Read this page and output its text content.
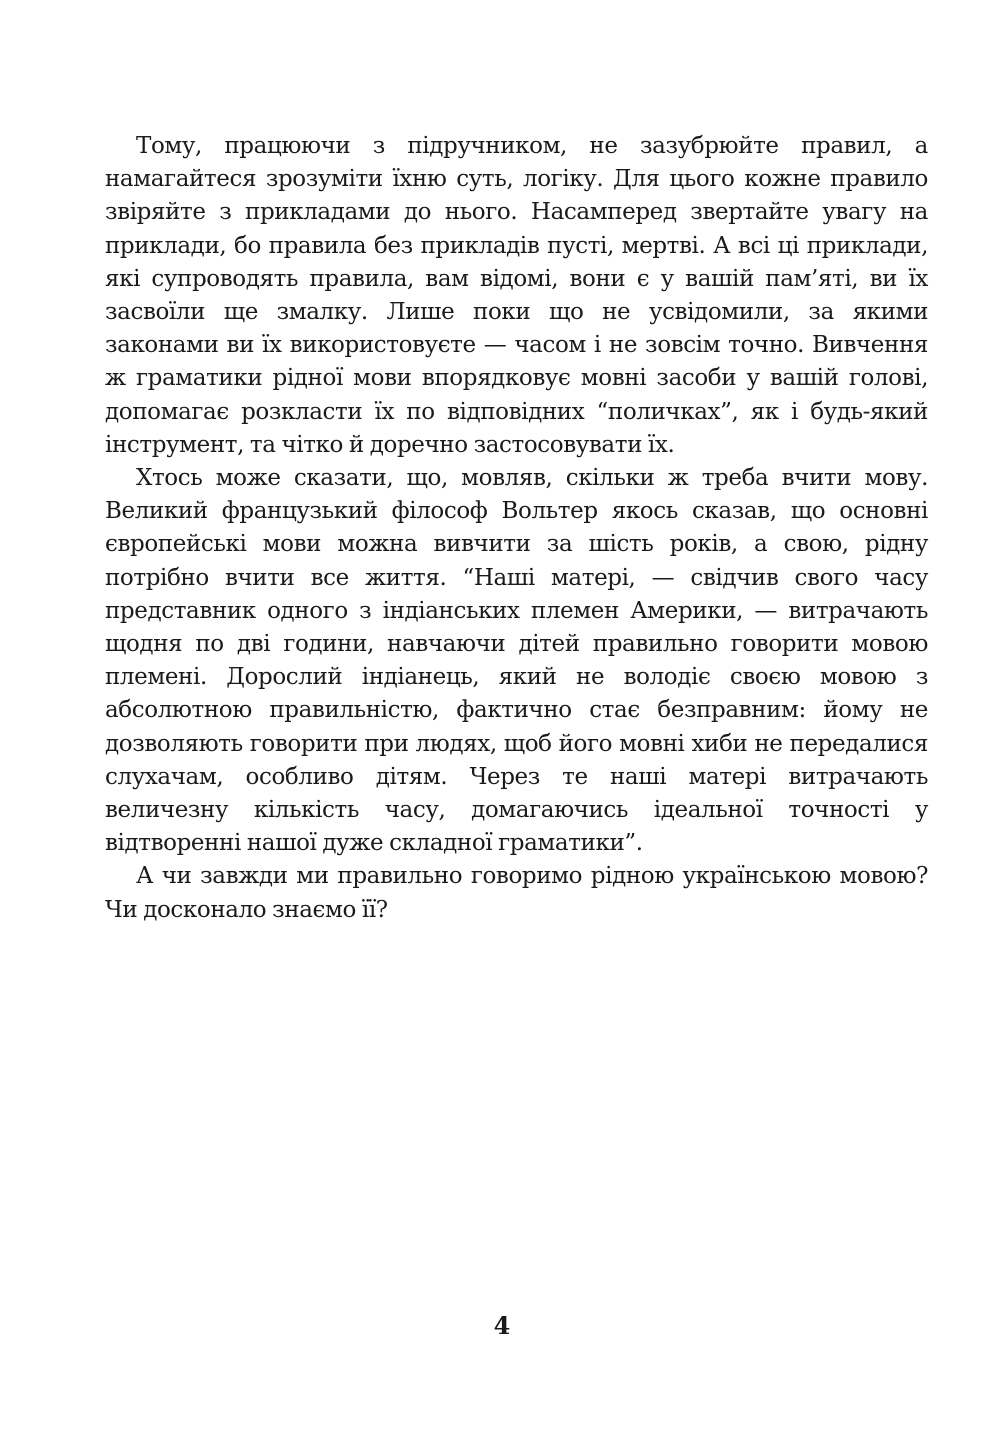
Тому, працюючи з підручником, не зазубрюйте правил, а намагайтеся зрозуміти їхню суть, логіку. Для цього кожне правило звіряйте з прикладами до нього. Насамперед звертайте увагу на приклади, бо правила без прикладів пусті, мертві. А всі ці приклади, які супроводять правила, вам відомі, вони є у вашій пам’яті, ви їх засвоїли ще змалку. Лише поки що не усвідомили, за якими законами ви їх використовуєте — часом і не зовсім точно. Вивчення ж граматики рідної мови впорядковує мовні засоби у вашій голові, допомагає розкласти їх по відповідних “поличках”, як і будь-який інструмент, та чітко й доречно застосовувати їх.

Хтось може сказати, що, мовляв, скільки ж треба вчити мову. Великий французький філософ Вольтер якось сказав, що основні європейські мови можна вивчити за шість років, а свою, рідну потрібно вчити все життя. “Наші матері, — свідчив свого часу представник одного з індіанських племен Америки, — витрачають щодня по дві години, навчаючи дітей правильно говорити мовою племені. Дорослий індіанець, який не володіє своєю мовою з абсолютною правильністю, фактично стає безправним: йому не дозволяють говорити при людях, щоб його мовні хиби не передалися слухачам, особливо дітям. Через те наші матері витрачають величезну кількість часу, домагаючись ідеальної точності у відтворенні нашої дуже складної граматики”.

А чи завжди ми правильно говоримо рідною українською мовою? Чи досконало знаємо її?

4
